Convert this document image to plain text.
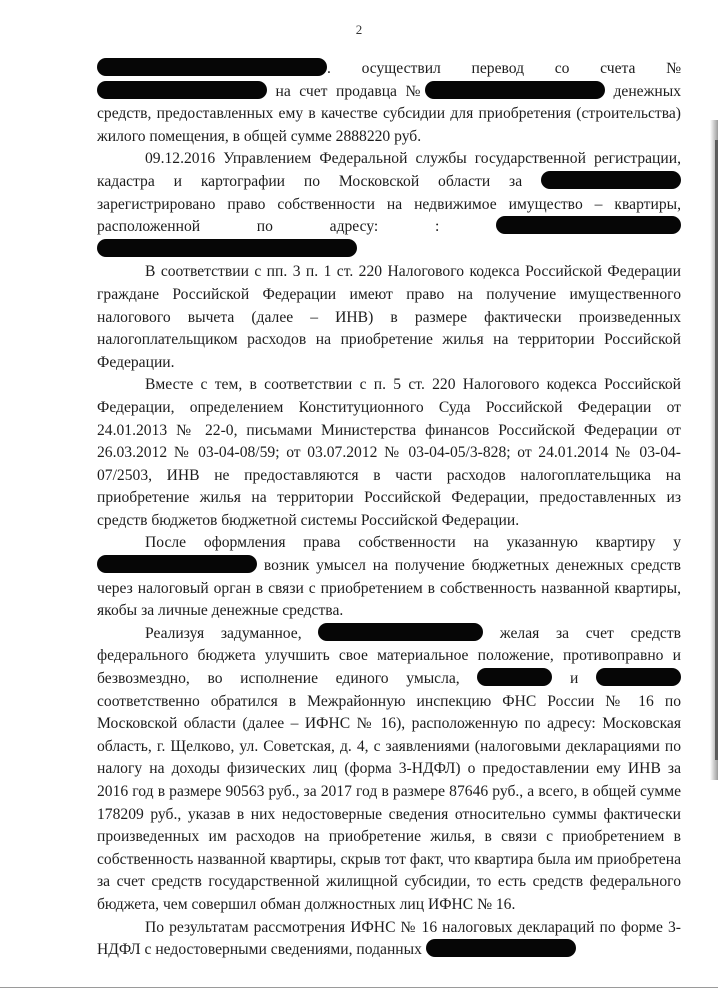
2

. осуществил перевод со счета № на счет продавца №	денежных средств, предоставленных ему в качестве субсидии для приобретения (строительства) жилого помещения, в общей сумме 2888220 руб.

09.12.2016 Управлением Федеральной службы государственной регистрации, кадастра и картографии по Московской области за  зарегистрировано право собственности на недвижимое имущество – квартиры, расположенной по адресу: :

В соответствии с пп. 3 п. 1 ст. 220 Налогового кодекса Российской Федерации граждане Российской Федерации имеют право на получение имущественного налогового вычета (далее – ИНВ) в размере фактически произведенных налогоплательщиком расходов на приобретение жилья на территории Российской Федерации.

Вместе с тем, в соответствии с п. 5 ст. 220 Налогового кодекса Российской Федерации, определением Конституционного Суда Российской Федерации от 24.01.2013 № 22-0, письмами Министерства финансов Российской Федерации от 26.03.2012 № 03-04-08/59; от 03.07.2012 № 03-04-05/3-828; от 24.01.2014 № 03-04-07/2503, ИНВ не предоставляются в части расходов налогоплательщика на приобретение жилья на территории Российской Федерации, предоставленных из средств бюджетов бюджетной системы Российской Федерации.

После оформления права собственности на указанную квартиру у  возник умысел на получение бюджетных денежных средств через налоговый орган в связи с приобретением в собственность названной квартиры, якобы за личные денежные средства.

Реализуя задуманное,	желая за счет средств федерального бюджета улучшить свое материальное положение, противоправно и безвозмездно, во исполнение единого умысла,	и  соответственно обратился в Межрайонную инспекцию ФНС России № 16 по Московской области (далее – ИФНС № 16), расположенную по адресу: Московская область, г. Щелково, ул. Советская, д. 4, с заявлениями (налоговыми декларациями по налогу на доходы физических лиц (форма 3-НДФЛ) о предоставлении ему ИНВ за 2016 год в размере 90563 руб., за 2017 год в размере 87646 руб., а всего, в общей сумме 178209 руб., указав в них недостоверные сведения относительно суммы фактически произведенных им расходов на приобретение жилья, в связи с приобретением в собственность названной квартиры, скрыв тот факт, что квартира была им приобретена за счет средств государственной жилищной субсидии, то есть средств федерального бюджета, чем совершил обман должностных лиц ИФНС № 16.

По результатам рассмотрения ИФНС № 16 налоговых деклараций по форме 3-НДФЛ с недостоверными сведениями, поданных
